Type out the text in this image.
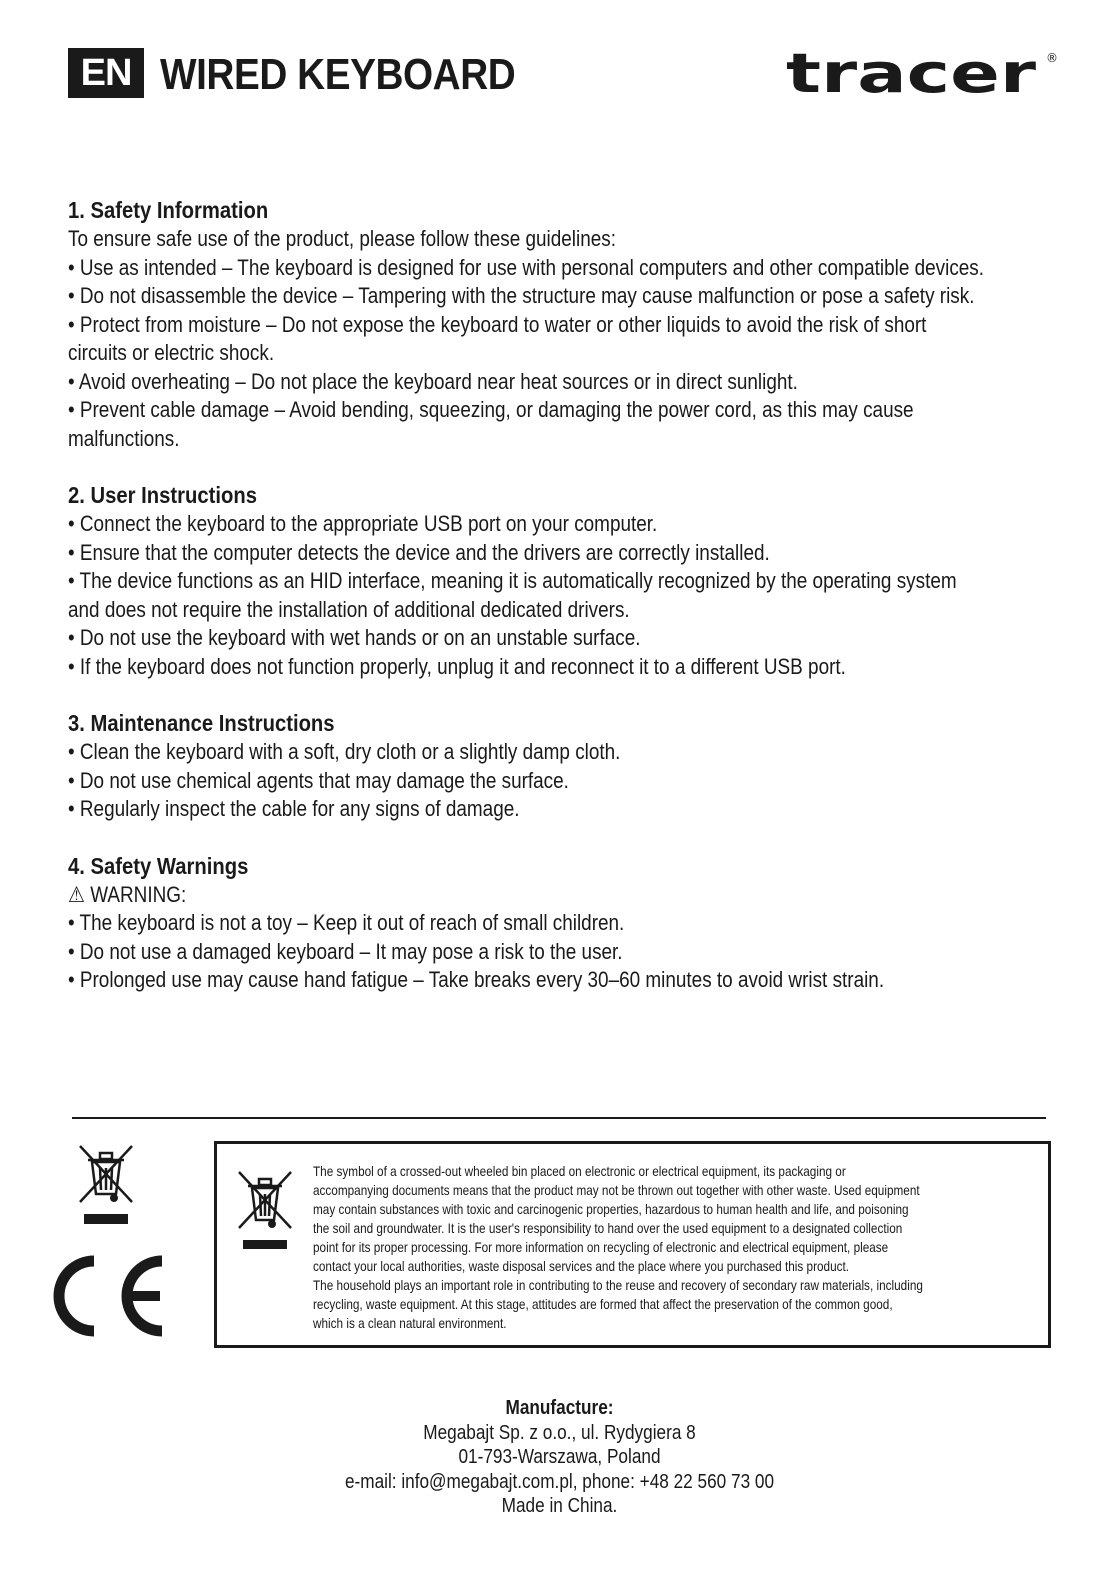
EN WIRED KEYBOARD	tracer ®
1. Safety Information
To ensure safe use of the product, please follow these guidelines:
• Use as intended – The keyboard is designed for use with personal computers and other compatible devices.
• Do not disassemble the device – Tampering with the structure may cause malfunction or pose a safety risk.
• Protect from moisture – Do not expose the keyboard to water or other liquids to avoid the risk of short
circuits or electric shock.
• Avoid overheating – Do not place the keyboard near heat sources or in direct sunlight.
• Prevent cable damage – Avoid bending, squeezing, or damaging the power cord, as this may cause
malfunctions.
2. User Instructions
• Connect the keyboard to the appropriate USB port on your computer.
• Ensure that the computer detects the device and the drivers are correctly installed.
• The device functions as an HID interface, meaning it is automatically recognized by the operating system
and does not require the installation of additional dedicated drivers.
• Do not use the keyboard with wet hands or on an unstable surface.
• If the keyboard does not function properly, unplug it and reconnect it to a different USB port.
3. Maintenance Instructions
• Clean the keyboard with a soft, dry cloth or a slightly damp cloth.
• Do not use chemical agents that may damage the surface.
• Regularly inspect the cable for any signs of damage.
4. Safety Warnings
⚠ WARNING:
• The keyboard is not a toy – Keep it out of reach of small children.
• Do not use a damaged keyboard – It may pose a risk to the user.
• Prolonged use may cause hand fatigue – Take breaks every 30–60 minutes to avoid wrist strain.
The symbol of a crossed-out wheeled bin placed on electronic or electrical equipment, its packaging or
accompanying documents means that the product may not be thrown out together with other waste. Used equipment
may contain substances with toxic and carcinogenic properties, hazardous to human health and life, and poisoning
the soil and groundwater. It is the user's responsibility to hand over the used equipment to a designated collection
point for its proper processing. For more information on recycling of electronic and electrical equipment, please
contact your local authorities, waste disposal services and the place where you purchased this product.
The household plays an important role in contributing to the reuse and recovery of secondary raw materials, including
recycling, waste equipment. At this stage, attitudes are formed that affect the preservation of the common good,
which is a clean natural environment.
Manufacture:
Megabajt Sp. z o.o., ul. Rydygiera 8
01-793-Warszawa, Poland
e-mail: info@megabajt.com.pl, phone: +48 22 560 73 00
Made in China.
